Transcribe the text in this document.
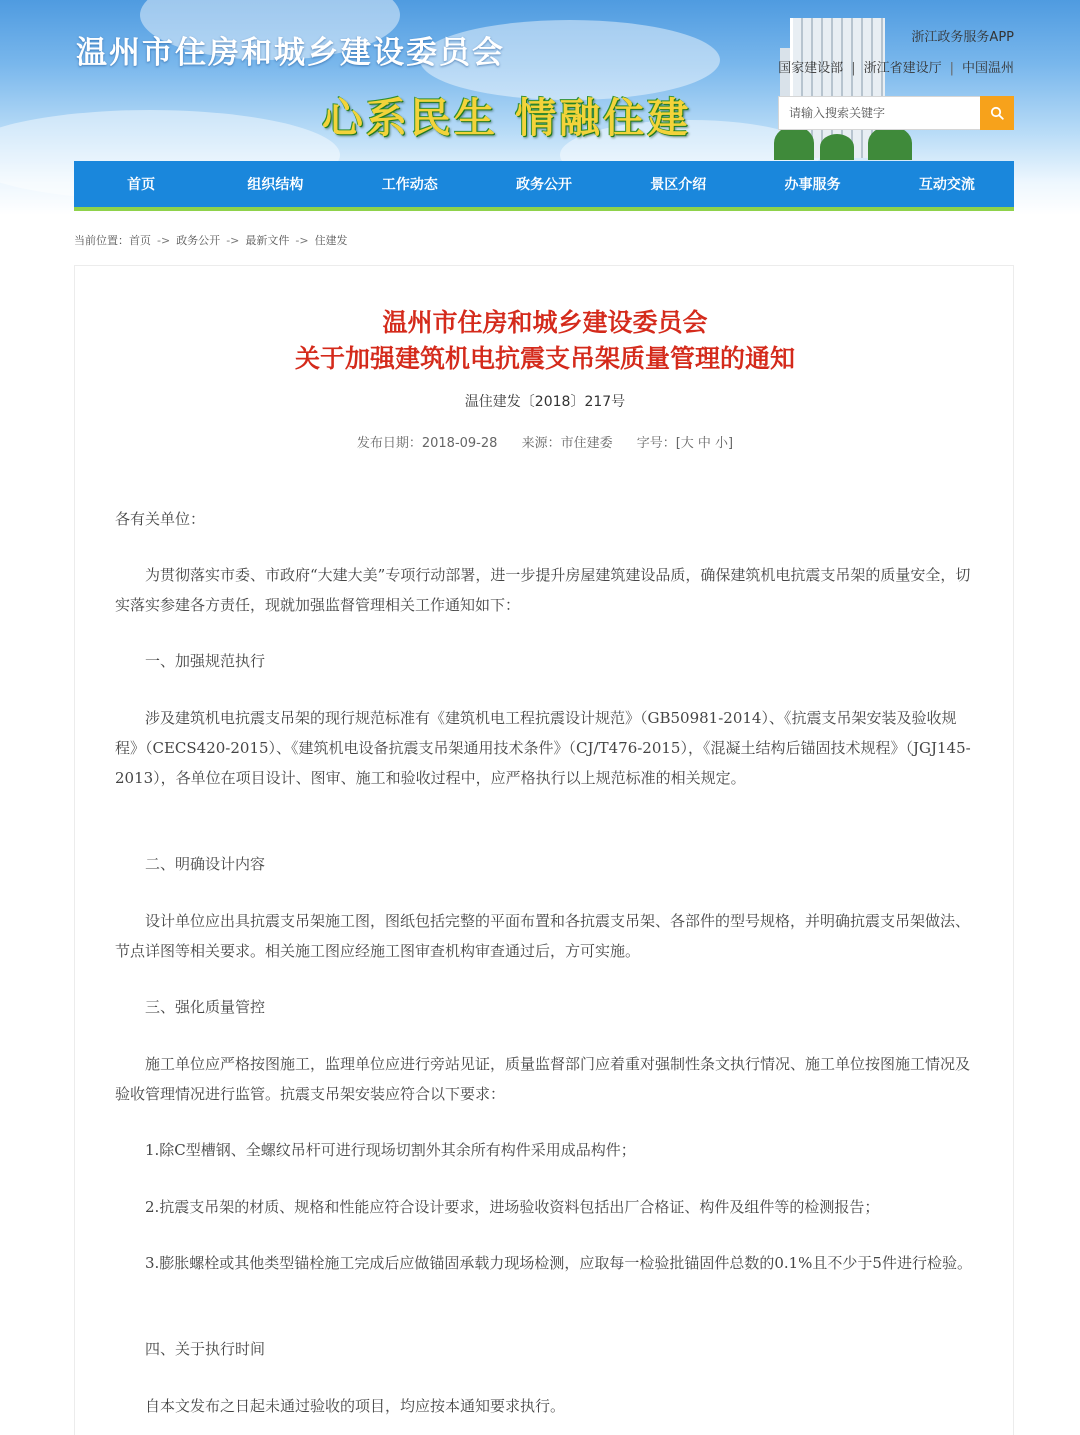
温州市住房和城乡建设委员会
心系民生 情融住建
浙江政务服务APP
国家建设部 | 浙江省建设厅 | 中国温州
请输入搜索关键字
首页	组织结构	工作动态	政务公开	景区介绍	办事服务	互动交流
当前位置：首页 -> 政务公开 -> 最新文件 -> 住建发
温州市住房和城乡建设委员会
关于加强建筑机电抗震支吊架质量管理的通知
温住建发〔2018〕217号
发布日期：2018-09-28 来源：市住建委 字号：[大 中 小]

各有关单位：

为贯彻落实市委、市政府“大建大美”专项行动部署，进一步提升房屋建筑建设品质，确保建筑机电抗震支吊架的质量安全，切实落实参建各方责任，现就加强监督管理相关工作通知如下：

一、加强规范执行

涉及建筑机电抗震支吊架的现行规范标准有《建筑机电工程抗震设计规范》（GB50981-2014）、《抗震支吊架安装及验收规程》（CECS420-2015）、《建筑机电设备抗震支吊架通用技术条件》（CJ/T476-2015），《混凝土结构后锚固技术规程》（JGJ145-2013），各单位在项目设计、图审、施工和验收过程中，应严格执行以上规范标准的相关规定。

二、明确设计内容

设计单位应出具抗震支吊架施工图，图纸包括完整的平面布置和各抗震支吊架、各部件的型号规格，并明确抗震支吊架做法、节点详图等相关要求。相关施工图应经施工图审查机构审查通过后，方可实施。

三、强化质量管控

施工单位应严格按图施工，监理单位应进行旁站见证，质量监督部门应着重对强制性条文执行情况、施工单位按图施工情况及验收管理情况进行监管。抗震支吊架安装应符合以下要求：

1.除C型槽钢、全螺纹吊杆可进行现场切割外其余所有构件采用成品构件；

2.抗震支吊架的材质、规格和性能应符合设计要求，进场验收资料包括出厂合格证、构件及组件等的检测报告；

3.膨胀螺栓或其他类型锚栓施工完成后应做锚固承载力现场检测，应取每一检验批锚固件总数的0.1%且不少于5件进行检验。

四、关于执行时间

自本文发布之日起未通过验收的项目，均应按本通知要求执行。
